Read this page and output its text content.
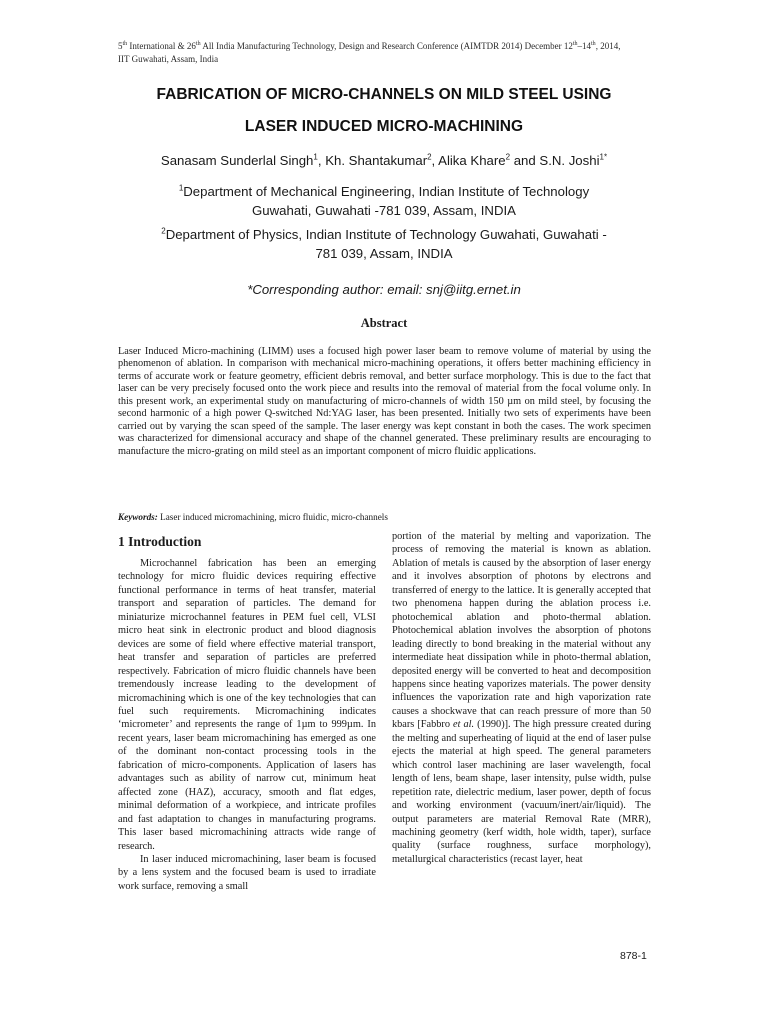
5th International & 26th All India Manufacturing Technology, Design and Research Conference (AIMTDR 2014) December 12th–14th, 2014,
IIT Guwahati, Assam, India
FABRICATION OF MICRO-CHANNELS ON MILD STEEL USING
LASER INDUCED MICRO-MACHINING
Sanasam Sunderlal Singh$^1$, Kh. Shantakumar$^2$, Alika Khare$^2$ and S.N. Joshi$^{1*}$
$^1$Department of Mechanical Engineering, Indian Institute of Technology Guwahati, Guwahati -781 039, Assam, INDIA
$^2$Department of Physics, Indian Institute of Technology Guwahati, Guwahati - 781 039, Assam, INDIA
*Corresponding author: email: snj@iitg.ernet.in
Abstract

Laser Induced Micro-machining (LIMM) uses a focused high power laser beam to remove volume of material by using the phenomenon of ablation. In comparison with mechanical micro-machining operations, it offers better machining efficiency in terms of accurate work or feature geometry, efficient debris removal, and better surface morphology. This is due to the fact that laser can be very precisely focused onto the work piece and results into the removal of material from the focal volume only. In this present work, an experimental study on manufacturing of micro-channels of width 150 µm on mild steel, by focusing the second harmonic of a high power Q-switched Nd:YAG laser, has been presented. Initially two sets of experiments have been carried out by varying the scan speed of the sample. The laser energy was kept constant in both the cases. The work specimen was characterized for dimensional accuracy and shape of the channel generated. These preliminary results are encouraging to manufacture the micro-grating on mild steel as an important component of micro fluidic applications.

Keywords: Laser induced micromachining, micro fluidic, micro-channels
1 Introduction

Microchannel fabrication has been an emerging technology for micro fluidic devices requiring effective functional performance in terms of heat transfer, material transport and separation of particles. The demand for miniaturize microchannel features in PEM fuel cell, VLSI micro heat sink in electronic product and blood diagnosis devices are some of field where effective material transport, heat transfer and separation of particles are preferred respectively. Fabrication of micro fluidic channels have been tremendously increase leading to the development of micromachining which is one of the key technologies that can fuel such requirements. Micromachining indicates ‘micrometer’ and represents the range of 1µm to 999µm. In recent years, laser beam micromachining has emerged as one of the dominant non-contact processing tools in the fabrication of micro-components. Application of lasers has advantages such as ability of narrow cut, minimum heat affected zone (HAZ), accuracy, smooth and flat edges, minimal deformation of a workpiece, and intricate profiles and fast adaptation to changes in manufacturing programs. This laser based micromachining attracts wide range of research.

In laser induced micromachining, laser beam is focused by a lens system and the focused beam is used to irradiate work surface, removing a small

portion of the material by melting and vaporization. The process of removing the material is known as ablation. Ablation of metals is caused by the absorption of laser energy and it involves absorption of photons by electrons and transferred of energy to the lattice. It is generally accepted that two phenomena happen during the ablation process i.e. photochemical ablation and photo-thermal ablation. Photochemical ablation involves the absorption of photons leading directly to bond breaking in the material without any intermediate heat dissipation while in photo-thermal ablation, deposited energy will be converted to heat and decomposition happens since heating vaporizes materials. The power density influences the vaporization rate and high vaporization rate causes a shockwave that can reach pressure of more than 50 kbars [Fabbro et al. (1990)]. The high pressure created during the melting and superheating of liquid at the end of laser pulse ejects the material at high speed. The general parameters which control laser machining are laser wavelength, focal length of lens, beam shape, laser intensity, pulse width, pulse repetition rate, dielectric medium, laser power, depth of focus and working environment (vacuum/inert/air/liquid). The output parameters are material Removal Rate (MRR), machining geometry (kerf width, hole width, taper), surface quality (surface roughness, surface morphology), metallurgical characteristics (recast layer, heat

878-1
